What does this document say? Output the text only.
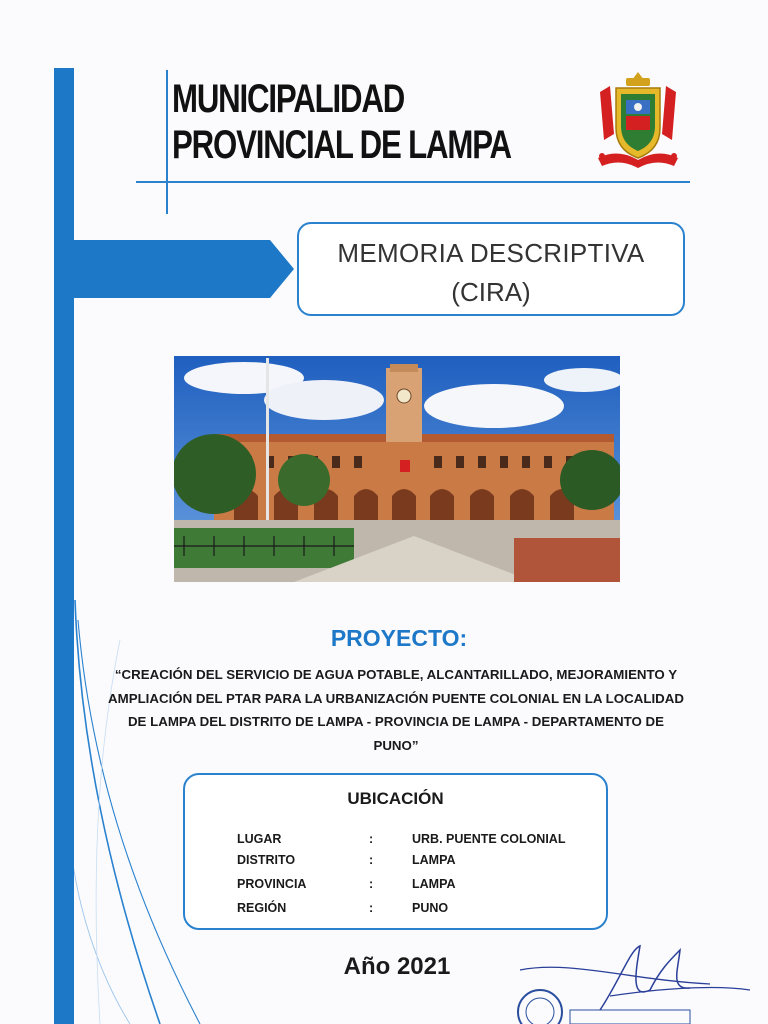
MUNICIPALIDAD
PROVINCIAL DE LAMPA
MEMORIA DESCRIPTIVA
(CIRA)
PROYECTO:
“CREACIÓN DEL SERVICIO DE AGUA POTABLE, ALCANTARILLADO, MEJORAMIENTO Y AMPLIACIÓN DEL PTAR PARA LA URBANIZACIÓN PUENTE COLONIAL EN LA LOCALIDAD DE LAMPA DEL DISTRITO DE LAMPA - PROVINCIA DE LAMPA - DEPARTAMENTO DE PUNO”
UBICACIÓN
LUGAR	:	URB. PUENTE COLONIAL
DISTRITO	:	LAMPA
PROVINCIA	:	LAMPA
REGIÓN	:	PUNO
Año 2021
